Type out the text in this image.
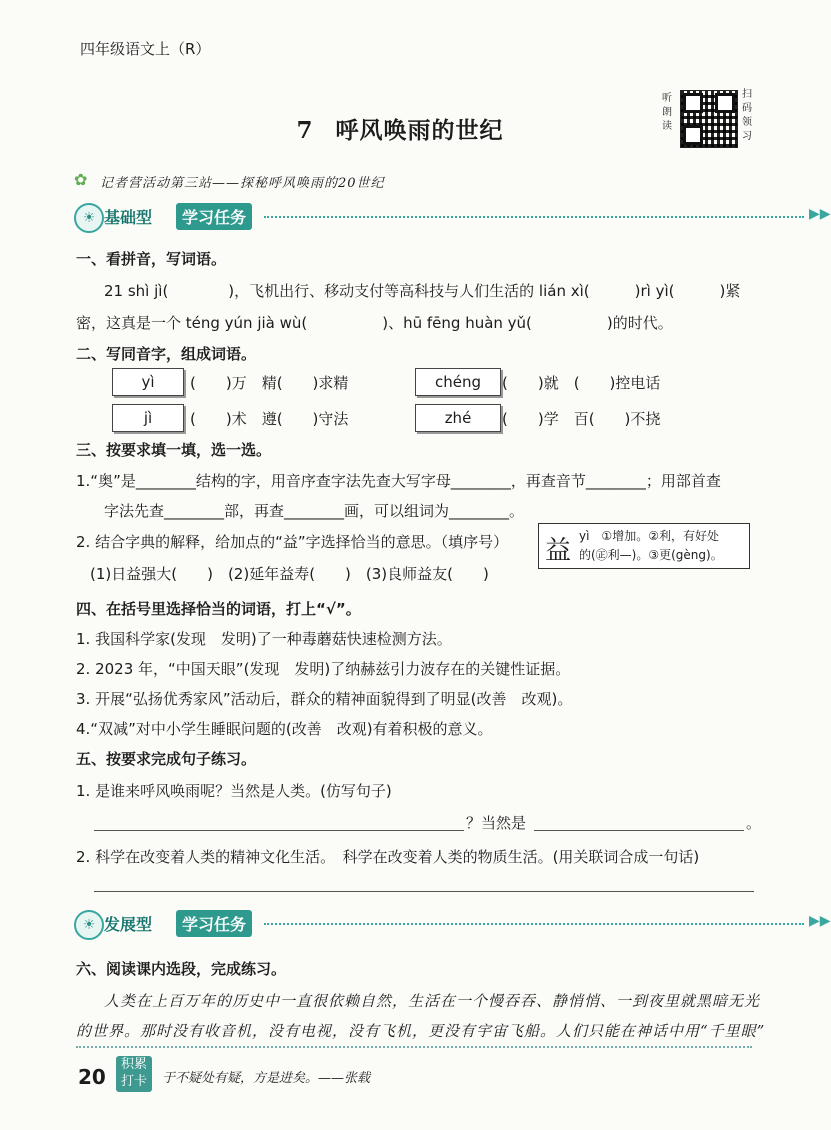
四年级语文上（R）
7 呼风唤雨的世纪
听朗读
扫码领习
✿ 记者营活动第三站——探秘呼风唤雨的20世纪
☀ 基础型	学习任务	▶▶
一、看拼音，写词语。
21 shì jì(　　　　)，飞机出行、移动支付等高科技与人们生活的 lián xì(　　　)rì yì(　　　)紧
密，这真是一个 téng yún jià wù(　　　　　)、hū fēng huàn yǔ(　　　　　)的时代。
二、写同音字，组成词语。
yì	(　　)万　精(　　)求精	chéng	(　　)就　(　　)控电话
jì	(　　)术　遵(　　)守法	zhé	(　　)学　百(　　)不挠
三、按要求填一填，选一选。
1.“奥”是________结构的字，用音序查字法先查大写字母________，再查音节________；用部首查
字法先查________部，再查________画，可以组词为________。
2. 结合字典的解释，给加点的“益”字选择恰当的意思。（填序号）
(1)日益强大(　　)　(2)延年益寿(　　)　(3)良师益友(　　)
益 yì　①增加。②利，有好处
的(㊣利—)。③更(gèng)。
四、在括号里选择恰当的词语，打上“√”。
1. 我国科学家(发现　发明)了一种毒蘑菇快速检测方法。
2. 2023 年，“中国天眼”(发现　发明)了纳赫兹引力波存在的关键性证据。
3. 开展“弘扬优秀家风”活动后，群众的精神面貌得到了明显(改善　改观)。
4.“双减”对中小学生睡眠问题的(改善　改观)有着积极的意义。
五、按要求完成句子练习。
1. 是谁来呼风唤雨呢？当然是人类。(仿写句子)
？当然是	。
2. 科学在改变着人类的精神文化生活。　科学在改变着人类的物质生活。(用关联词合成一句话)
☀ 发展型	学习任务	▶▶
六、阅读课内选段，完成练习。
人类在上百万年的历史中一直很依赖自然，生活在一个慢吞吞、静悄悄、一到夜里就黑暗无光
的世界。那时没有收音机，没有电视，没有飞机，更没有宇宙飞船。人们只能在神话中用“千里眼”
20
积累
打卡	于不疑处有疑，方是进矣。——张载
